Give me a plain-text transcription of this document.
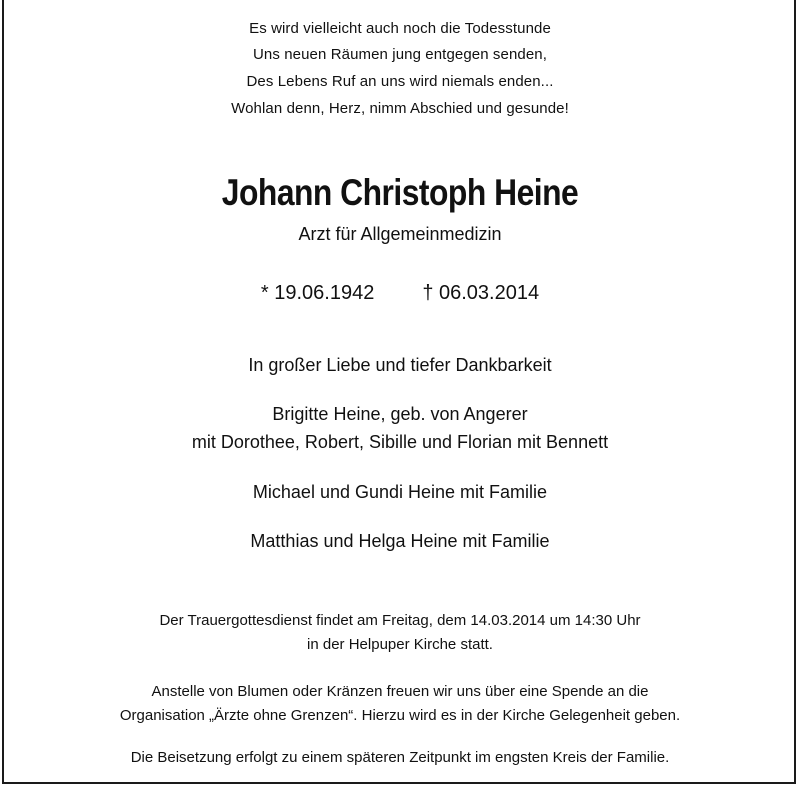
Es wird vielleicht auch noch die Todesstunde
Uns neuen Räumen jung entgegen senden,
Des Lebens Ruf an uns wird niemals enden...
Wohlan denn, Herz, nimm Abschied und gesunde!
Johann Christoph Heine
Arzt für Allgemeinmedizin
* 19.06.1942 † 06.03.2014
In großer Liebe und tiefer Dankbarkeit
Brigitte Heine, geb. von Angerer
mit Dorothee, Robert, Sibille und Florian mit Bennett
Michael und Gundi Heine mit Familie
Matthias und Helga Heine mit Familie
Der Trauergottesdienst findet am Freitag, dem 14.03.2014 um 14:30 Uhr
in der Helpuper Kirche statt.
Anstelle von Blumen oder Kränzen freuen wir uns über eine Spende an die
Organisation „Ärzte ohne Grenzen“. Hierzu wird es in der Kirche Gelegenheit geben.
Die Beisetzung erfolgt zu einem späteren Zeitpunkt im engsten Kreis der Familie.
